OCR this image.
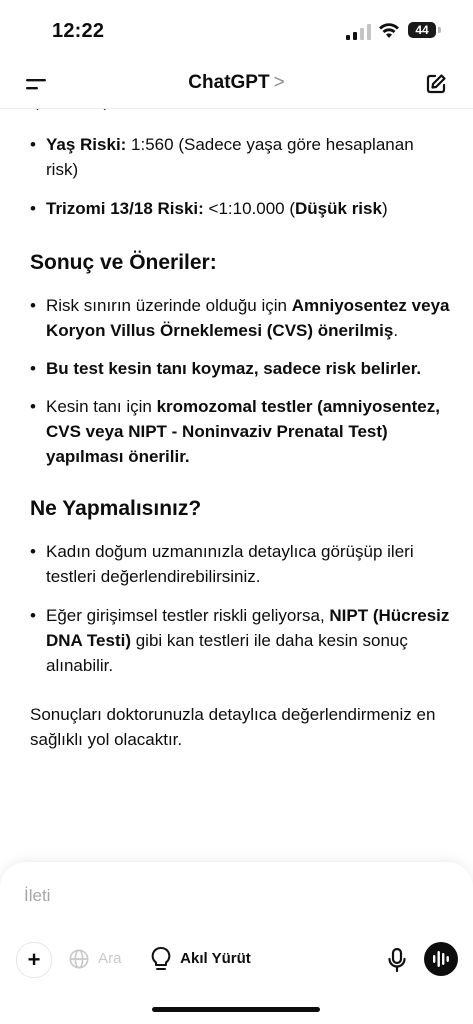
12:22	44
ChatGPT >
• Yaş Riski: 1:560 (Sadece yaşa göre hesaplanan risk)
• Trizomi 13/18 Riski: <1:10.000 (Düşük risk)
Sonuç ve Öneriler:
• Risk sınırın üzerinde olduğu için Amniyosentez veya Koryon Villus Örneklemesi (CVS) önerilmiş.
• Bu test kesin tanı koymaz, sadece risk belirler.
• Kesin tanı için kromozomal testler (amniyosentez, CVS veya NIPT - Noninvaziv Prenatal Test) yapılması önerilir.
Ne Yapmalısınız?
• Kadın doğum uzmanınızla detaylıca görüşüp ileri testleri değerlendirebilirsiniz.
• Eğer girişimsel testler riskli geliyorsa, NIPT (Hücresiz DNA Testi) gibi kan testleri ile daha kesin sonuç alınabilir.

Sonuçları doktorunuzla detaylıca değerlendirmeniz en sağlıklı yol olacaktır.

İleti
+	Ara	Akıl Yürüt
